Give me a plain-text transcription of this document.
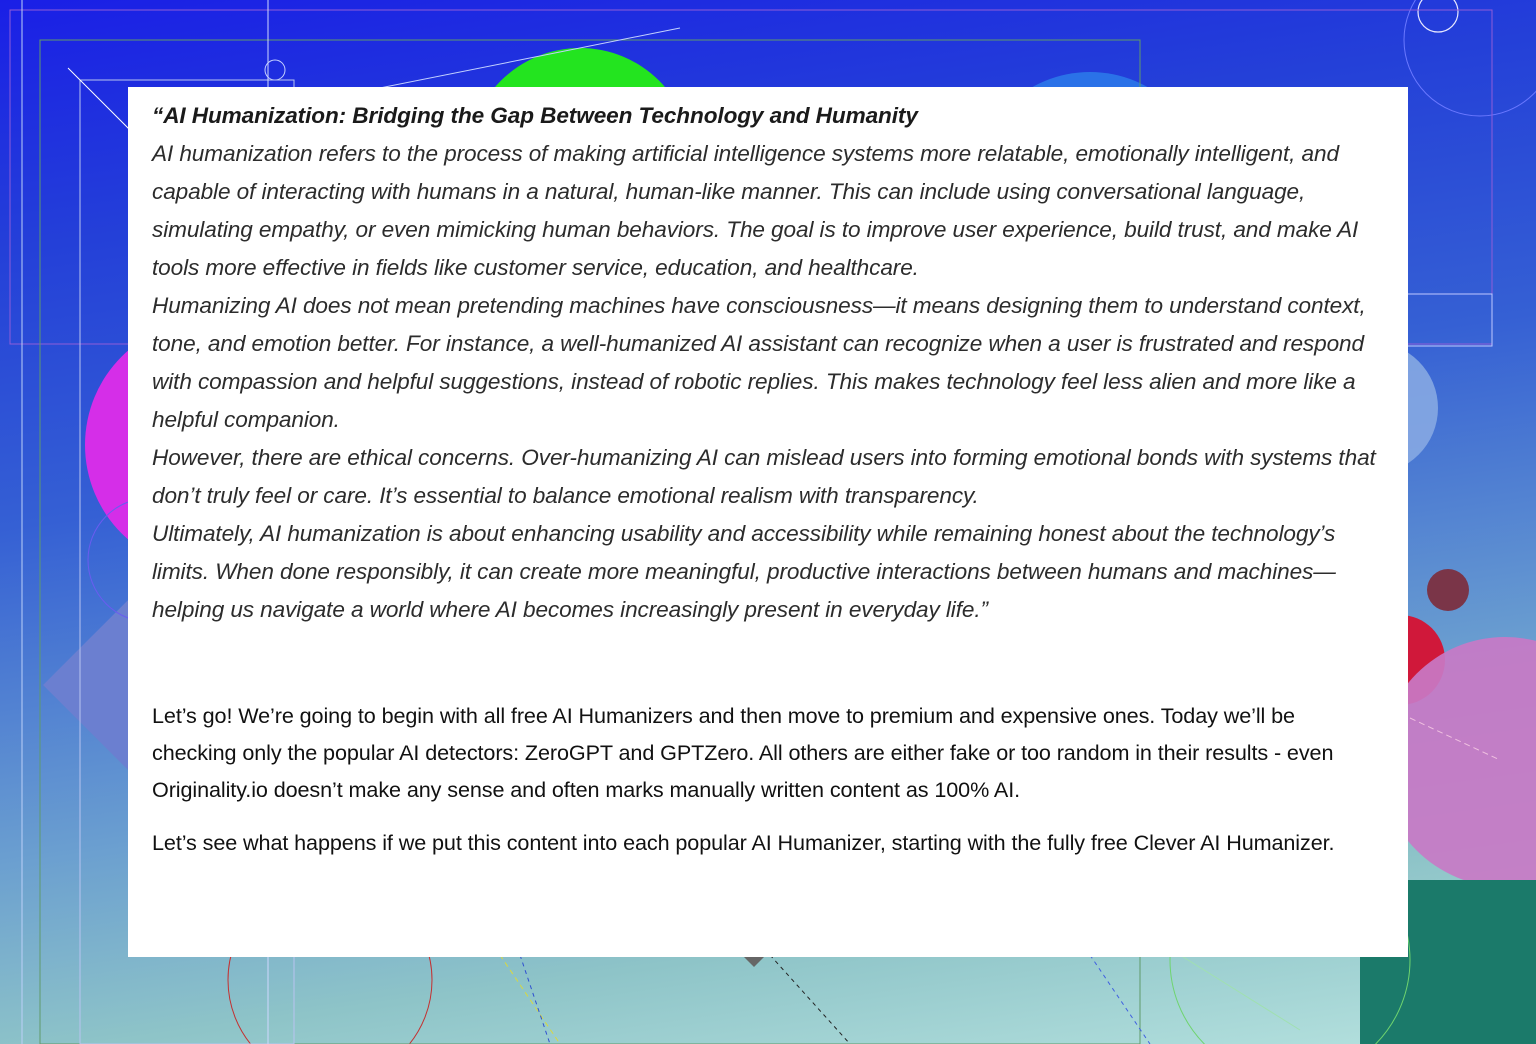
“AI Humanization: Bridging the Gap Between Technology and Humanity

AI humanization refers to the process of making artificial intelligence systems more relatable, emotionally intelligent, and capable of interacting with humans in a natural, human-like manner. This can include using conversational language, simulating empathy, or even mimicking human behaviors. The goal is to improve user experience, build trust, and make AI tools more effective in fields like customer service, education, and healthcare.

Humanizing AI does not mean pretending machines have consciousness—it means designing them to understand context, tone, and emotion better. For instance, a well-humanized AI assistant can recognize when a user is frustrated and respond with compassion and helpful suggestions, instead of robotic replies. This makes technology feel less alien and more like a helpful companion.

However, there are ethical concerns. Over-humanizing AI can mislead users into forming emotional bonds with systems that don’t truly feel or care. It’s essential to balance emotional realism with transparency.

Ultimately, AI humanization is about enhancing usability and accessibility while remaining honest about the technology’s limits. When done responsibly, it can create more meaningful, productive interactions between humans and machines—helping us navigate a world where AI becomes increasingly present in everyday life.”

Let’s go! We’re going to begin with all free AI Humanizers and then move to premium and expensive ones. Today we’ll be checking only the popular AI detectors: ZeroGPT and GPTZero. All others are either fake or too random in their results - even Originality.io doesn’t make any sense and often marks manually written content as 100% AI.

Let’s see what happens if we put this content into each popular AI Humanizer, starting with the fully free Clever AI Humanizer.
